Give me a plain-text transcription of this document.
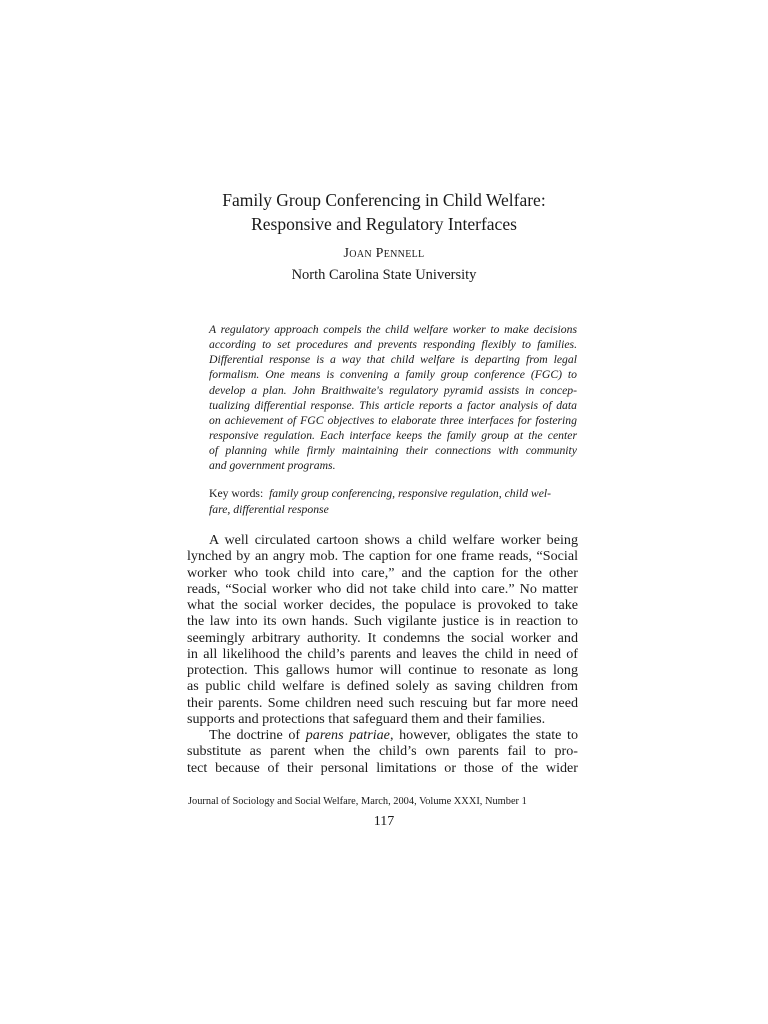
Family Group Conferencing in Child Welfare:
Responsive and Regulatory Interfaces
Joan Pennell
North Carolina State University

A regulatory approach compels the child welfare worker to make decisions
according to set procedures and prevents responding flexibly to families.
Differential response is a way that child welfare is departing from legal
formalism. One means is convening a family group conference (FGC) to
develop a plan. John Braithwaite's regulatory pyramid assists in concep-
tualizing differential response. This article reports a factor analysis of data
on achievement of FGC objectives to elaborate three interfaces for fostering
responsive regulation. Each interface keeps the family group at the center
of planning while firmly maintaining their connections with community
and government programs.

Key words: family group conferencing, responsive regulation, child wel-
fare, differential response
A well circulated cartoon shows a child welfare worker being
lynched by an angry mob. The caption for one frame reads, “Social
worker who took child into care,” and the caption for the other
reads, “Social worker who did not take child into care.” No matter
what the social worker decides, the populace is provoked to take
the law into its own hands. Such vigilante justice is in reaction to
seemingly arbitrary authority. It condemns the social worker and
in all likelihood the child’s parents and leaves the child in need of
protection. This gallows humor will continue to resonate as long
as public child welfare is defined solely as saving children from
their parents. Some children need such rescuing but far more need
supports and protections that safeguard them and their families.
The doctrine of parens patriae, however, obligates the state to
substitute as parent when the child’s own parents fail to pro-
tect because of their personal limitations or those of the wider
Journal of Sociology and Social Welfare, March, 2004, Volume XXXI, Number 1
117
